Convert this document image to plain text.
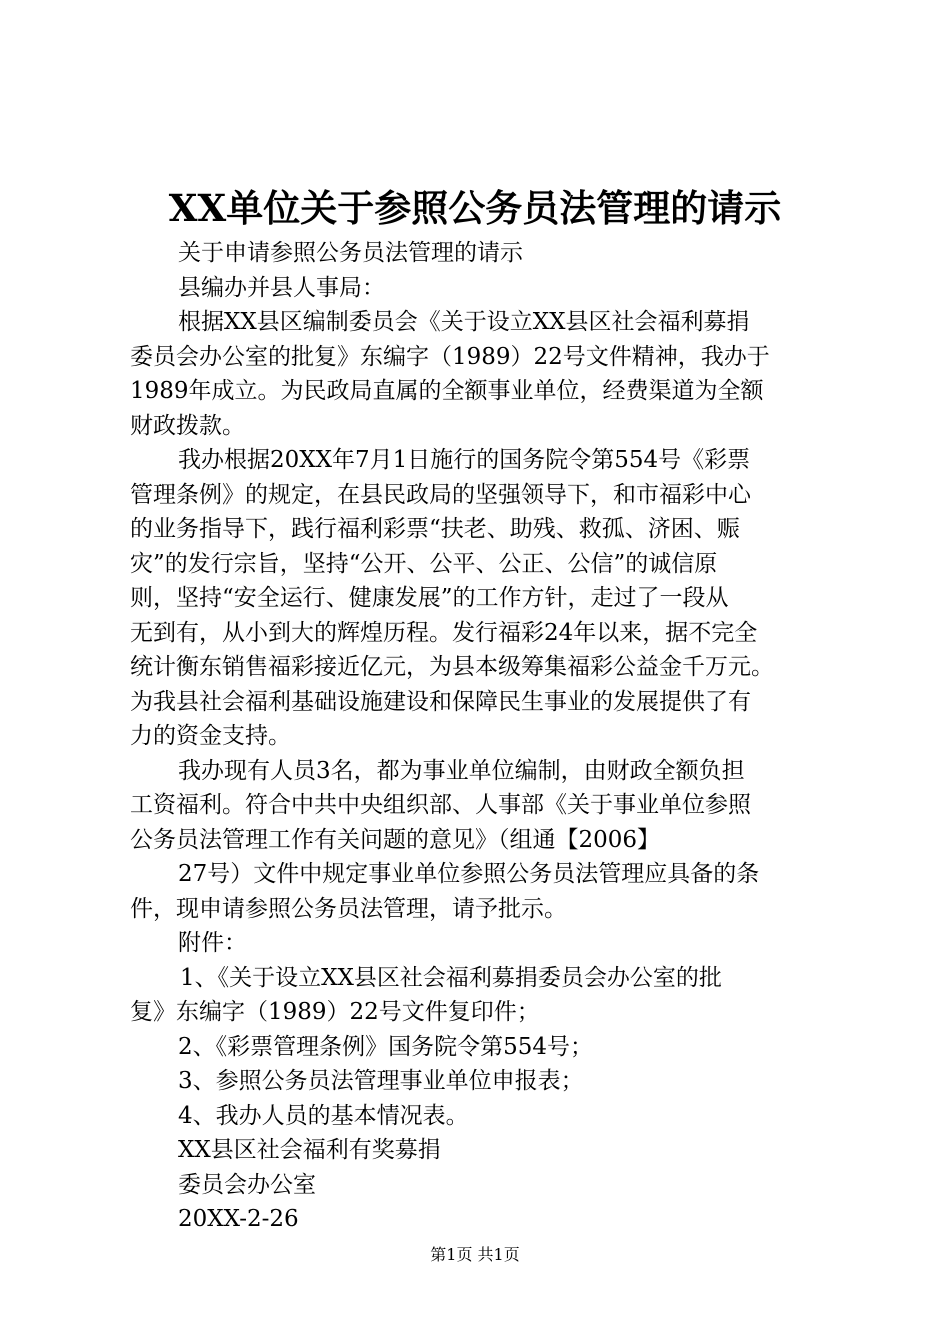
XX单位关于参照公务员法管理的请示
关于申请参照公务员法管理的请示
县编办并县人事局：
根据XX县区编制委员会《关于设立XX县区社会福利募捐
委员会办公室的批复》东编字（1989）22号文件精神，我办于
1989年成立。为民政局直属的全额事业单位，经费渠道为全额
财政拨款。
我办根据20XX年7月1日施行的国务院令第554号《彩票
管理条例》的规定，在县民政局的坚强领导下，和市福彩中心
的业务指导下，践行福利彩票“扶老、助残、救孤、济困、赈
灾”的发行宗旨，坚持“公开、公平、公正、公信”的诚信原
则，坚持“安全运行、健康发展”的工作方针，走过了一段从
无到有，从小到大的辉煌历程。发行福彩24年以来，据不完全
统计衡东销售福彩接近亿元，为县本级筹集福彩公益金千万元。
为我县社会福利基础设施建设和保障民生事业的发展提供了有
力的资金支持。
我办现有人员3名，都为事业单位编制，由财政全额负担
工资福利。符合中共中央组织部、人事部《关于事业单位参照
公务员法管理工作有关问题的意见》（组通【2006】
27号）文件中规定事业单位参照公务员法管理应具备的条
件，现申请参照公务员法管理，请予批示。
附件：
1、《关于设立XX县区社会福利募捐委员会办公室的批
复》东编字（1989）22号文件复印件；
2、《彩票管理条例》国务院令第554号；
3、参照公务员法管理事业单位申报表；
4、我办人员的基本情况表。
XX县区社会福利有奖募捐
委员会办公室
20XX-2-26
第1页 共1页
